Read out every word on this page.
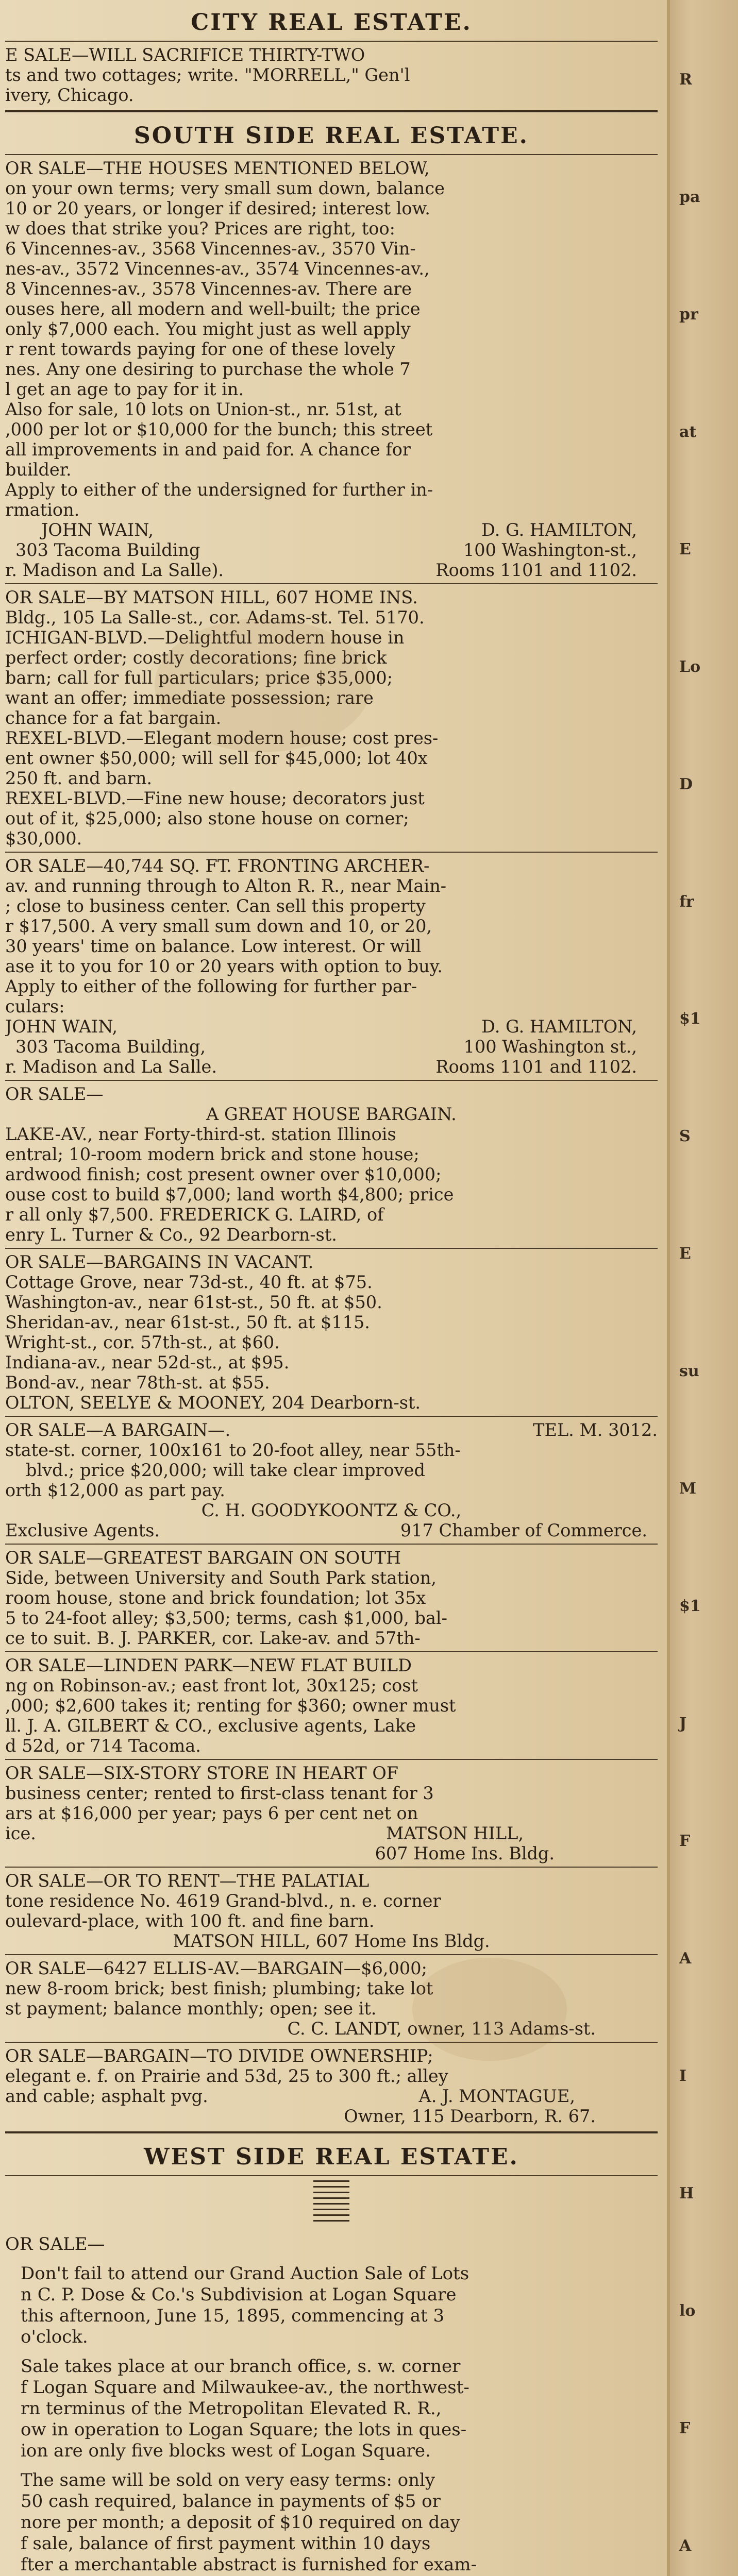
CITY REAL ESTATE.
E SALE—WILL SACRIFICE THIRTY-TWO
ts and two cottages; write. "MORRELL," Gen'l
ivery, Chicago.
SOUTH SIDE REAL ESTATE.
OR SALE—THE HOUSES MENTIONED BELOW,
on your own terms; very small sum down, balance
10 or 20 years, or longer if desired; interest low.
w does that strike you? Prices are right, too:
6 Vincennes-av., 3568 Vincennes-av., 3570 Vin-
nes-av., 3572 Vincennes-av., 3574 Vincennes-av.,
8 Vincennes-av., 3578 Vincennes-av. There are
ouses here, all modern and well-built; the price
only $7,000 each. You might just as well apply
r rent towards paying for one of these lovely
nes. Any one desiring to purchase the whole 7
l get an age to pay for it in.
Also for sale, 10 lots on Union-st., nr. 51st, at
,000 per lot or $10,000 for the bunch; this street
all improvements in and paid for. A chance for
builder.
Apply to either of the undersigned for further in-
rmation.
JOHN WAIN,	D. G. HAMILTON,
303 Tacoma Building	100 Washington-st.,
r. Madison and La Salle).	Rooms 1101 and 1102.
OR SALE—BY MATSON HILL, 607 HOME INS.
Bldg., 105 La Salle-st., cor. Adams-st. Tel. 5170.
ICHIGAN-BLVD.—Delightful modern house in
perfect order; costly decorations; fine brick
barn; call for full particulars; price $35,000;
want an offer; immediate possession; rare
chance for a fat bargain.
REXEL-BLVD.—Elegant modern house; cost pres-
ent owner $50,000; will sell for $45,000; lot 40x
250 ft. and barn.
REXEL-BLVD.—Fine new house; decorators just
out of it, $25,000; also stone house on corner;
$30,000.
OR SALE—40,744 SQ. FT. FRONTING ARCHER-
av. and running through to Alton R. R., near Main-
; close to business center. Can sell this property
r $17,500. A very small sum down and 10, or 20,
30 years' time on balance. Low interest. Or will
ase it to you for 10 or 20 years with option to buy.
Apply to either of the following for further par-
culars:
JOHN WAIN,	D. G. HAMILTON,
303 Tacoma Building,	100 Washington st.,
r. Madison and La Salle.	Rooms 1101 and 1102.
OR SALE—
A GREAT HOUSE BARGAIN.
LAKE-AV., near Forty-third-st. station Illinois
entral; 10-room modern brick and stone house;
ardwood finish; cost present owner over $10,000;
ouse cost to build $7,000; land worth $4,800; price
r all only $7,500. FREDERICK G. LAIRD, of
enry L. Turner & Co., 92 Dearborn-st.
OR SALE—BARGAINS IN VACANT.
Cottage Grove, near 73d-st., 40 ft. at $75.
Washington-av., near 61st-st., 50 ft. at $50.
Sheridan-av., near 61st-st., 50 ft. at $115.
Wright-st., cor. 57th-st., at $60.
Indiana-av., near 52d-st., at $95.
Bond-av., near 78th-st. at $55.
OLTON, SEELYE & MOONEY, 204 Dearborn-st.
OR SALE—A BARGAIN—.	TEL. M. 3012.
state-st. corner, 100x161 to 20-foot alley, near 55th-
blvd.; price $20,000; will take clear improved
orth $12,000 as part pay.
C. H. GOODYKOONTZ & CO.,
Exclusive Agents.	917 Chamber of Commerce.
OR SALE—GREATEST BARGAIN ON SOUTH
Side, between University and South Park station,
room house, stone and brick foundation; lot 35x
5 to 24-foot alley; $3,500; terms, cash $1,000, bal-
ce to suit. B. J. PARKER, cor. Lake-av. and 57th-
OR SALE—LINDEN PARK—NEW FLAT BUILD
ng on Robinson-av.; east front lot, 30x125; cost
,000; $2,600 takes it; renting for $360; owner must
ll. J. A. GILBERT & CO., exclusive agents, Lake
d 52d, or 714 Tacoma.
OR SALE—SIX-STORY STORE IN HEART OF
business center; rented to first-class tenant for 3
ars at $16,000 per year; pays 6 per cent net on
ice.	MATSON HILL,
607 Home Ins. Bldg.
OR SALE—OR TO RENT—THE PALATIAL
tone residence No. 4619 Grand-blvd., n. e. corner
oulevard-place, with 100 ft. and fine barn.
MATSON HILL, 607 Home Ins Bldg.
OR SALE—6427 ELLIS-AV.—BARGAIN—$6,000;
new 8-room brick; best finish; plumbing; take lot
st payment; balance monthly; open; see it.
C. C. LANDT, owner, 113 Adams-st.
OR SALE—BARGAIN—TO DIVIDE OWNERSHIP;
elegant e. f. on Prairie and 53d, 25 to 300 ft.; alley
and cable; asphalt pvg.	A. J. MONTAGUE,
Owner, 115 Dearborn, R. 67.
WEST SIDE REAL ESTATE.
OR SALE—
Don't fail to attend our Grand Auction Sale of Lots
n C. P. Dose & Co.'s Subdivision at Logan Square
this afternoon, June 15, 1895, commencing at 3
o'clock.
Sale takes place at our branch office, s. w. corner
f Logan Square and Milwaukee-av., the northwest-
rn terminus of the Metropolitan Elevated R. R.,
ow in operation to Logan Square; the lots in ques-
ion are only five blocks west of Logan Square.
The same will be sold on very easy terms: only
50 cash required, balance in payments of $5 or
nore per month; a deposit of $10 required on day
f sale, balance of first payment within 10 days
fter a merchantable abstract is furnished for exam-
R
pa
pr
at
E
Lo
D
fr
$1
S
E
su
M
$1
J
F
A
I
H
lo
F
A
